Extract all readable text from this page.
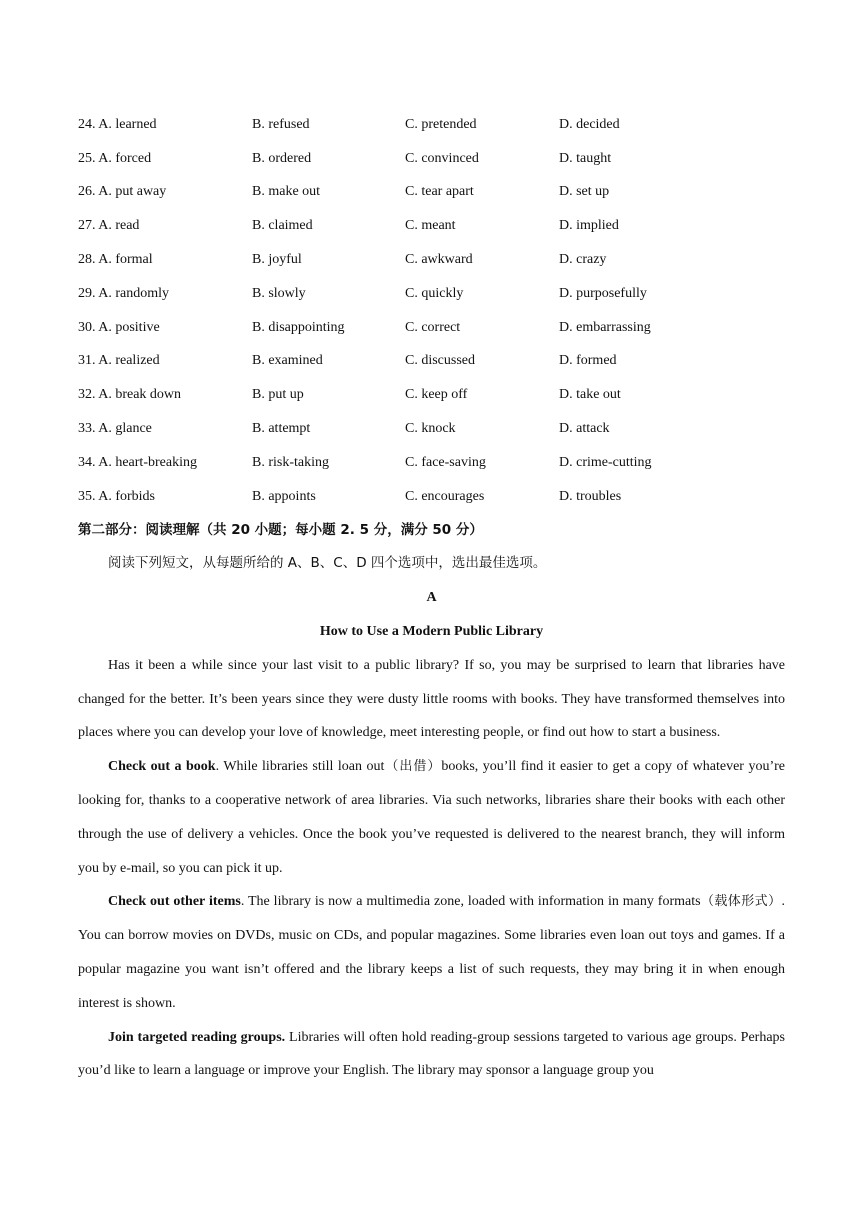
24. A. learned	B. refused	C. pretended	D. decided
25. A. forced	B. ordered	C. convinced	D. taught
26. A. put away	B. make out	C. tear apart	D. set up
27. A. read	B. claimed	C. meant	D. implied
28. A. formal	B. joyful	C. awkward	D. crazy
29. A. randomly	B. slowly	C. quickly	D. purposefully
30. A. positive	B. disappointing	C. correct	D. embarrassing
31. A. realized	B. examined	C. discussed	D. formed
32. A. break down	B. put up	C. keep off	D. take out
33. A. glance	B. attempt	C. knock	D. attack
34. A. heart-breaking	B. risk-taking	C. face-saving	D. crime-cutting
35. A. forbids	B. appoints	C. encourages	D. troubles
第二部分：阅读理解（共 20 小题；每小题 2. 5 分，满分 50 分）
阅读下列短文，从每题所给的 A、B、C、D 四个选项中，选出最佳选项。
A
How to Use a Modern Public Library

Has it been a while since your last visit to a public library? If so, you may be surprised to learn that libraries have changed for the better. It’s been years since they were dusty little rooms with books. They have transformed themselves into places where you can develop your love of knowledge, meet interesting people, or find out how to start a business.

Check out a book. While libraries still loan out（出借）books, you’ll find it easier to get a copy of whatever you’re looking for, thanks to a cooperative network of area libraries. Via such networks, libraries share their books with each other through the use of delivery a vehicles. Once the book you’ve requested is delivered to the nearest branch, they will inform you by e-mail, so you can pick it up.

Check out other items. The library is now a multimedia zone, loaded with information in many formats（载体形式）. You can borrow movies on DVDs, music on CDs, and popular magazines. Some libraries even loan out toys and games. If a popular magazine you want isn’t offered and the library keeps a list of such requests, they may bring it in when enough interest is shown.

Join targeted reading groups. Libraries will often hold reading-group sessions targeted to various age groups. Perhaps you’d like to learn a language or improve your English. The library may sponsor a language group you
